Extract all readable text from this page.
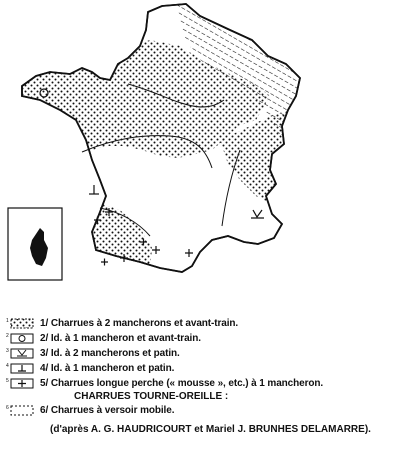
1	1/ Charrues à 2 mancherons et avant-train.
2	2/ Id. à 1 mancheron et avant-train.
3	3/ Id. à 2 mancherons et patin.
4	4/ Id. à 1 mancheron et patin.
5	5/ Charrues longue perche (« mousse », etc.) à 1 mancheron.
CHARRUES TOURNE-OREILLE :
6	6/ Charrues à versoir mobile.
(d'après A. G. HAUDRICOURT et Mariel J. BRUNHES DELAMARRE).
